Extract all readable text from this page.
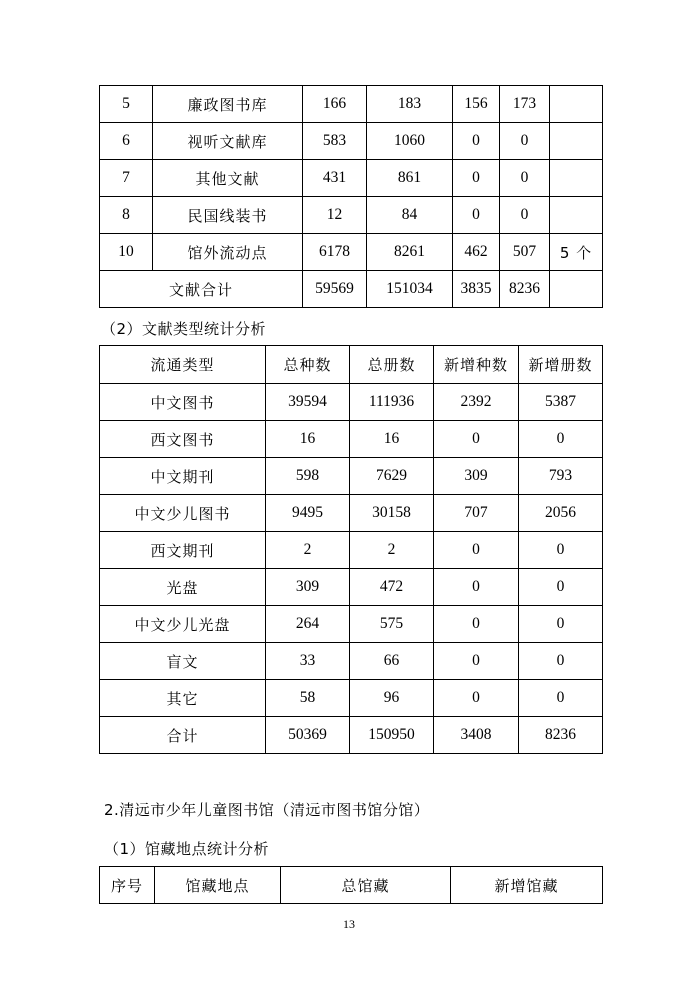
5	廉政图书库	166	183	156	173	
6	视听文献库	583	1060	0	0	
7	其他文献	431	861	0	0	
8	民国线装书	12	84	0	0	
10	馆外流动点	6178	8261	462	507	5 个
文献合计		59569	151034	3835	8236	
（2）文献类型统计分析
流通类型	总种数	总册数	新增种数	新增册数
中文图书	39594	111936	2392	5387
西文图书	16	16	0	0
中文期刊	598	7629	309	793
中文少儿图书	9495	30158	707	2056
西文期刊	2	2	0	0
光盘	309	472	0	0
中文少儿光盘	264	575	0	0
盲文	33	66	0	0
其它	58	96	0	0
合计	50369	150950	3408	8236
2.清远市少年儿童图书馆（清远市图书馆分馆）
（1）馆藏地点统计分析
序号	馆藏地点	总馆藏	新增馆藏
13
